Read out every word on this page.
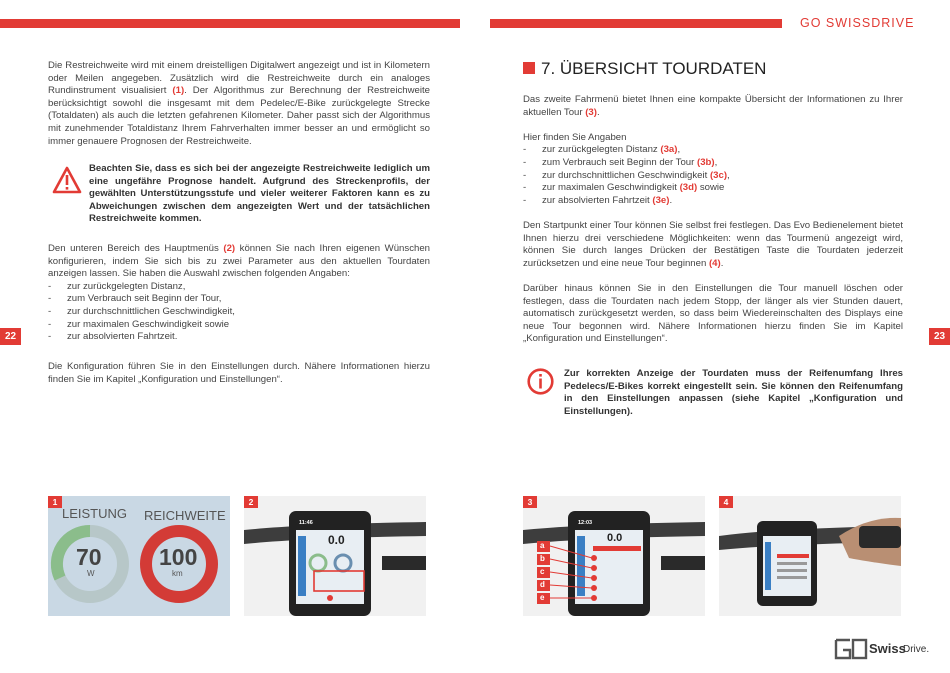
GO SWISSDRIVE
22	23

Die Restreichweite wird mit einem dreistelligen Digitalwert angezeigt und ist in Kilometern oder Meilen angegeben. Zusätzlich wird die Restreichweite durch ein analoges Rundinstrument visualisiert (1). Der Algorithmus zur Berechnung der Restreichweite berücksichtigt sowohl die insgesamt mit dem Pedelec/E-Bike zurückgelegte Strecke (Totaldaten) als auch die letzten gefahrenen Kilometer. Daher passt sich der Algorithmus mit zunehmender Totaldistanz Ihrem Fahrverhalten immer besser an und ermöglicht so immer genauere Prognosen der Restreichweite.

Beachten Sie, dass es sich bei der angezeigte Restreichweite lediglich um eine ungefähre Prognose handelt. Aufgrund des Streckenprofils, der gewählten Unterstützungsstufe und vieler weiterer Faktoren kann es zu Abweichungen zwischen dem angezeigten Wert und der tatsächlichen Restreichweite kommen.

Den unteren Bereich des Hauptmenüs (2) können Sie nach Ihren eigenen Wünschen konfigurieren, indem Sie sich bis zu zwei Parameter aus den aktuellen Tourdaten anzeigen lassen. Sie haben die Auswahl zwischen folgenden Angaben:

- zur zurückgelegten Distanz,
- zum Verbrauch seit Beginn der Tour,
- zur durchschnittlichen Geschwindigkeit,
- zur maximalen Geschwindigkeit sowie
- zur absolvierten Fahrtzeit.

Die Konfiguration führen Sie in den Einstellungen durch. Nähere Informationen hierzu finden Sie im Kapitel „Konfiguration und Einstellungen“.

7. ÜBERSICHT TOURDATEN

Das zweite Fahrmenü bietet Ihnen eine kompakte Übersicht der Informationen zu Ihrer aktuellen Tour (3).

Hier finden Sie Angaben

- zur zurückgelegten Distanz (3a),
- zum Verbrauch seit Beginn der Tour (3b),
- zur durchschnittlichen Geschwindigkeit (3c),
- zur maximalen Geschwindigkeit (3d) sowie
- zur absolvierten Fahrtzeit (3e).

Den Startpunkt einer Tour können Sie selbst frei festlegen. Das Evo Bedienelement bietet Ihnen hierzu drei verschiedene Möglichkeiten: wenn das Tourmenü angezeigt wird, können Sie durch langes Drücken der Bestätigen Taste die Tourdaten jederzeit zurücksetzen und eine neue Tour beginnen (4).

Darüber hinaus können Sie in den Einstellungen die Tour manuell löschen oder festlegen, dass die Tourdaten nach jedem Stopp, der länger als vier Stunden dauert, automatisch zurückgesetzt werden, so dass beim Wiedereinschalten des Displays eine neue Tour begonnen wird. Nähere Informationen hierzu finden Sie im Kapitel „Konfiguration und Einstellungen“.

Zur korrekten Anzeige der Tourdaten muss der Reifenumfang Ihres Pedelecs/E-Bikes korrekt eingestellt sein. Sie können den Reifenumfang in den Einstellungen anpassen (siehe Kapitel „Konfiguration und Einstellungen).
1
LEISTUNG REICHWEITE
70
W
100
km
2
11:46
0.0
3
12:03
0.0
a
b
c
d
e
4
Swiss
Drive.
